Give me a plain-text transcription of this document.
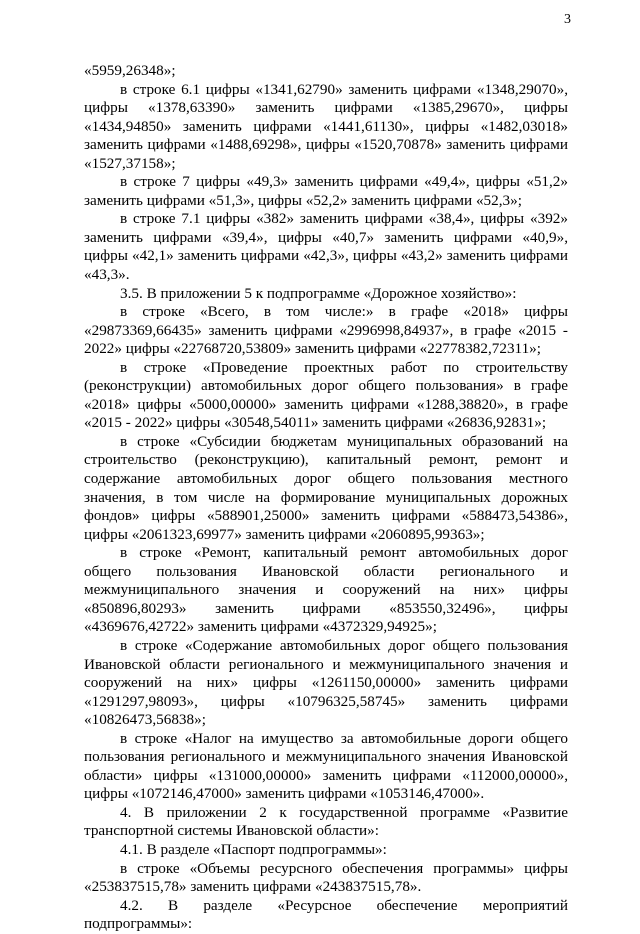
3

«5959,26348»;

в строке 6.1 цифры «1341,62790» заменить цифрами «1348,29070», цифры «1378,63390» заменить цифрами «1385,29670», цифры «1434,94850» заменить цифрами «1441,61130», цифры «1482,03018» заменить цифрами «1488,69298», цифры «1520,70878» заменить цифрами «1527,37158»;

в строке 7 цифры «49,3» заменить цифрами «49,4», цифры «51,2» заменить цифрами «51,3», цифры «52,2» заменить цифрами «52,3»;

в строке 7.1 цифры «382» заменить цифрами «38,4», цифры «392» заменить цифрами «39,4», цифры «40,7» заменить цифрами «40,9», цифры «42,1» заменить цифрами «42,3», цифры «43,2» заменить цифрами «43,3».

3.5. В приложении 5 к подпрограмме «Дорожное хозяйство»:

в строке «Всего, в том числе:» в графе «2018» цифры «29873369,66435» заменить цифрами «2996998,84937», в графе «2015 - 2022» цифры «22768720,53809» заменить цифрами «22778382,72311»;

в строке «Проведение проектных работ по строительству (реконструкции) автомобильных дорог общего пользования» в графе «2018» цифры «5000,00000» заменить цифрами «1288,38820», в графе «2015 - 2022» цифры «30548,54011» заменить цифрами «26836,92831»;

в строке «Субсидии бюджетам муниципальных образований на строительство (реконструкцию), капитальный ремонт, ремонт и содержание автомобильных дорог общего пользования местного значения, в том числе на формирование муниципальных дорожных фондов» цифры «588901,25000» заменить цифрами «588473,54386», цифры «2061323,69977» заменить цифрами «2060895,99363»;

в строке «Ремонт, капитальный ремонт автомобильных дорог общего пользования Ивановской области регионального и межмуниципального значения и сооружений на них» цифры «850896,80293» заменить цифрами «853550,32496», цифры «4369676,42722» заменить цифрами «4372329,94925»;

в строке «Содержание автомобильных дорог общего пользования Ивановской области регионального и межмуниципального значения и сооружений на них» цифры «1261150,00000» заменить цифрами «1291297,98093», цифры «10796325,58745» заменить цифрами «10826473,56838»;

в строке «Налог на имущество за автомобильные дороги общего пользования регионального и межмуниципального значения Ивановской области» цифры «131000,00000» заменить цифрами «112000,00000», цифры «1072146,47000» заменить цифрами «1053146,47000».

4. В приложении 2 к государственной программе «Развитие транспортной системы Ивановской области»:

4.1. В разделе «Паспорт подпрограммы»:

в строке «Объемы ресурсного обеспечения программы» цифры «253837515,78» заменить цифрами «243837515,78».

4.2. В разделе «Ресурсное обеспечение мероприятий подпрограммы»:
